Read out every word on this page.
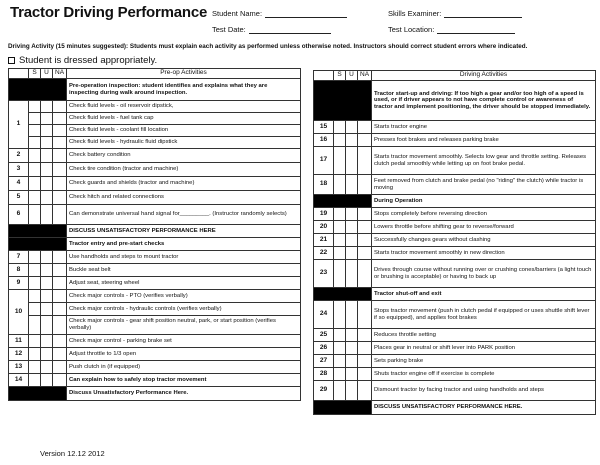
Tractor Driving Performance Student Name:
Test Date:
Skills Examiner:
Test Location:
Driving Activity (15 minutes suggested): Students must explain each activity as performed unless otherwise noted. Instructors should correct student errors where indicated.
Student is dressed appropriately.
	S	U	NA	Pre-op Activities
				Pre-operation inspection: student identifies and explains what they are inspecting during walk around inspection.
1				Check fluid levels - oil reservoir dipstick,
				Check fluid levels - fuel tank cap
				Check fluid levels - coolant fill location
				Check fluid levels - hydraulic fluid dipstick
2				Check battery condition
3				Check tire condition (tractor and machine)
4				Check guards and shields (tractor and machine)
5				Check hitch and related connections
6				Can demonstrate universal hand signal for_________. (Instructor randomly selects)
				DISCUSS UNSATISFACTORY PERFORMANCE HERE
				Tractor entry and pre-start checks
7				Use handholds and steps to mount tractor
8				Buckle seat belt
9				Adjust seat, steering wheel
10				Check major controls - PTO (verifies verbally)
				Check major controls - hydraulic controls (verifies verbally)
				Check major controls - gear shift position neutral, park, or start position (verifies verbally)
11				Check major control - parking brake set
12				Adjust throttle to 1/3 open
13				Push clutch in (if equipped)
14				Can explain how to safely stop tractor movement
				Discuss Unsatisfactory Performance Here.
	S	U	NA	Driving Activities
				Tractor start-up and driving: If too high a gear and/or too high of a speed is used, or if driver appears to not have complete control or awareness of tractor and implement positioning, the driver should be stopped immediately.
15				Starts tractor engine
16				Presses foot brakes and releases parking brake
17				Starts tractor movement smoothly. Selects low gear and throttle setting. Releases clutch pedal smoothly while letting up on foot brake pedal.
18				Feet removed from clutch and brake pedal (no "riding" the clutch) while tractor is moving
				During Operation
19				Stops completely before reversing direction
20				Lowers throttle before shifting gear to reverse/forward
21				Successfully changes gears without clashing
22				Starts tractor movement smoothly in new direction
23				Drives through course without running over or crushing cones/barriers (a light touch or brushing is acceptable) or having to back up
				Tractor shut-off and exit
24				Stops tractor movement (push in clutch pedal if equipped or uses shuttle shift lever if so equipped), and applies foot brakes
25				Reduces throttle setting
26				Places gear in neutral or shift lever into PARK position
27				Sets parking brake
28				Shuts tractor engine off if exercise is complete
29				Dismount tractor by facing tractor and using handholds and steps
				DISCUSS UNSATISFACTORY PERFORMANCE HERE.
Version 12.12 2012
